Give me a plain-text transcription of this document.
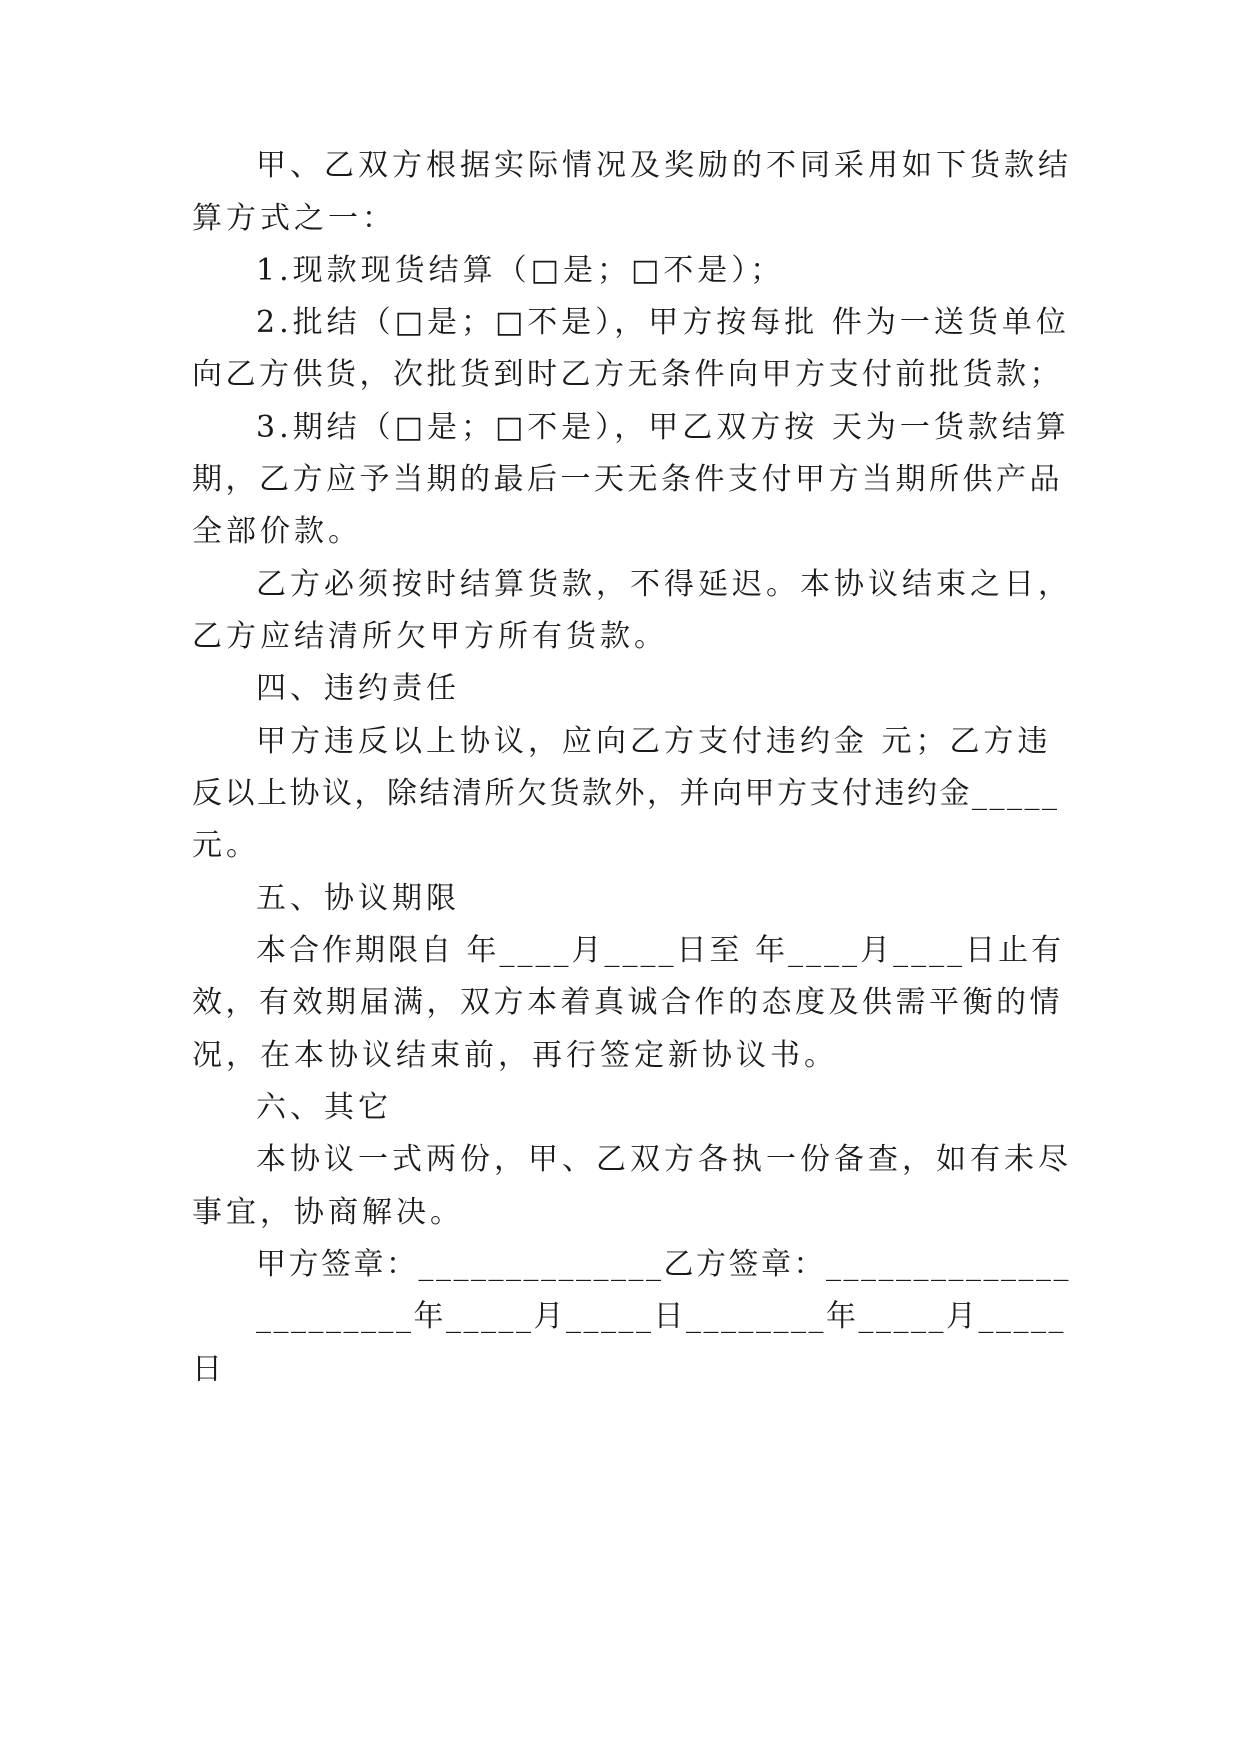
甲、乙双方根据实际情况及奖励的不同采用如下货款结
算方式之一：
1.现款现货结算（□是；□不是）；
2.批结（□是；□不是），甲方按每批 件为一送货单位
向乙方供货，次批货到时乙方无条件向甲方支付前批货款；
3.期结（□是；□不是），甲乙双方按 天为一货款结算
期，乙方应予当期的最后一天无条件支付甲方当期所供产品
全部价款。
乙方必须按时结算货款，不得延迟。本协议结束之日，
乙方应结清所欠甲方所有货款。
四、违约责任
甲方违反以上协议，应向乙方支付违约金 元；乙方违
反以上协议，除结清所欠货款外，并向甲方支付违约金_____
元。
五、协议期限
本合作期限自 年____月____日至 年____月____日止有
效，有效期届满，双方本着真诚合作的态度及供需平衡的情
况，在本协议结束前，再行签定新协议书。
六、其它
本协议一式两份，甲、乙双方各执一份备查，如有未尽
事宜，协商解决。
甲方签章：______________乙方签章：______________
_________年_____月_____日________年_____月_____
日
